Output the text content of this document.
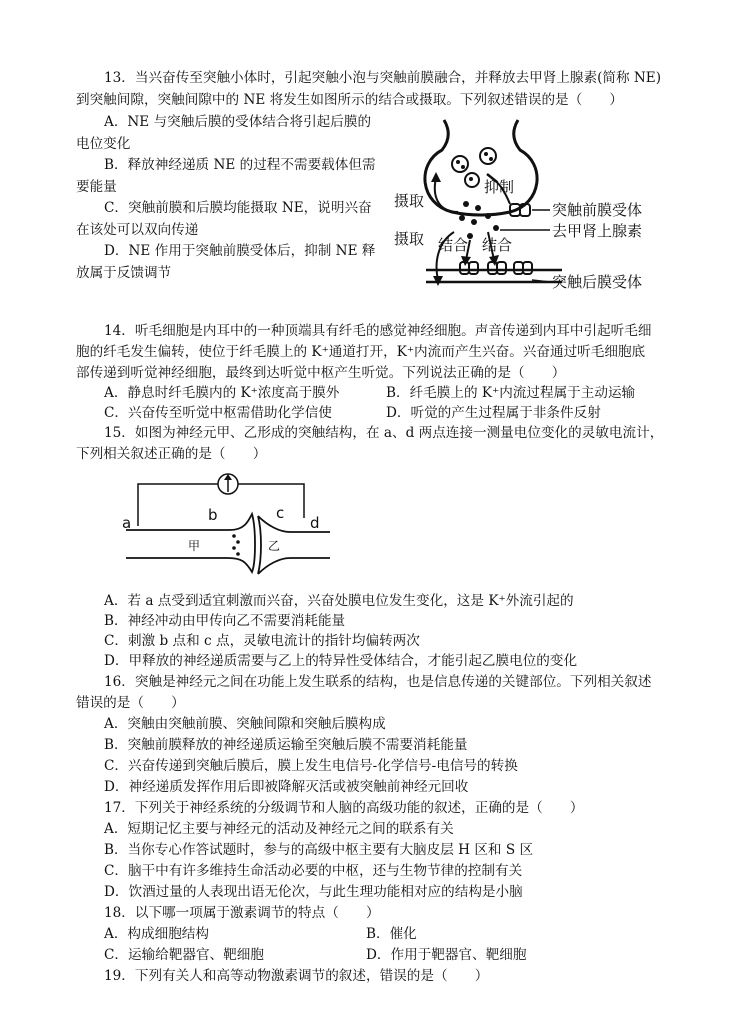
13．当兴奋传至突触小体时，引起突触小泡与突触前膜融合，并释放去甲肾上腺素(简称 NE)
到突触间隙，突触间隙中的 NE 将发生如图所示的结合或摄取。下列叙述错误的是（　　）
A．NE 与突触后膜的受体结合将引起后膜的
电位变化
B．释放神经递质 NE 的过程不需要载体但需
要能量
C．突触前膜和后膜均能摄取 NE，说明兴奋
在该处可以双向传递
D．NE 作用于突触前膜受体后，抑制 NE 释
放属于反馈调节
摄取
摄取
抑制
结合 结合
突触前膜受体
去甲肾上腺素
突触后膜受体
14．听毛细胞是内耳中的一种顶端具有纤毛的感觉神经细胞。声音传递到内耳中引起听毛细
胞的纤毛发生偏转，使位于纤毛膜上的 K⁺通道打开，K⁺内流而产生兴奋。兴奋通过听毛细胞底
部传递到听觉神经细胞，最终到达听觉中枢产生听觉。下列说法正确的是（　　）
A．静息时纤毛膜内的 K⁺浓度高于膜外	B．纤毛膜上的 K⁺内流过程属于主动运输
C．兴奋传至听觉中枢需借助化学信使	D．听觉的产生过程属于非条件反射
15．如图为神经元甲、乙形成的突触结构，在 a、d 两点连接一测量电位变化的灵敏电流计，
下列相关叙述正确的是（　　）
a	b	c
d
甲	乙
A．若 a 点受到适宜刺激而兴奋，兴奋处膜电位发生变化，这是 K⁺外流引起的
B．神经冲动由甲传向乙不需要消耗能量
C．刺激 b 点和 c 点，灵敏电流计的指针均偏转两次
D．甲释放的神经递质需要与乙上的特异性受体结合，才能引起乙膜电位的变化
16．突触是神经元之间在功能上发生联系的结构，也是信息传递的关键部位。下列相关叙述
错误的是（　　）
A．突触由突触前膜、突触间隙和突触后膜构成
B．突触前膜释放的神经递质运输至突触后膜不需要消耗能量
C．兴奋传递到突触后膜后，膜上发生电信号-化学信号-电信号的转换
D．神经递质发挥作用后即被降解灭活或被突触前神经元回收
17．下列关于神经系统的分级调节和人脑的高级功能的叙述，正确的是（　　）
A．短期记忆主要与神经元的活动及神经元之间的联系有关
B．当你专心作答试题时，参与的高级中枢主要有大脑皮层 H 区和 S 区
C．脑干中有许多维持生命活动必要的中枢，还与生物节律的控制有关
D．饮酒过量的人表现出语无伦次，与此生理功能相对应的结构是小脑
18．以下哪一项属于激素调节的特点（　　）
A．构成细胞结构	B．催化
C．运输给靶器官、靶细胞	D．作用于靶器官、靶细胞
19．下列有关人和高等动物激素调节的叙述，错误的是（　　）
